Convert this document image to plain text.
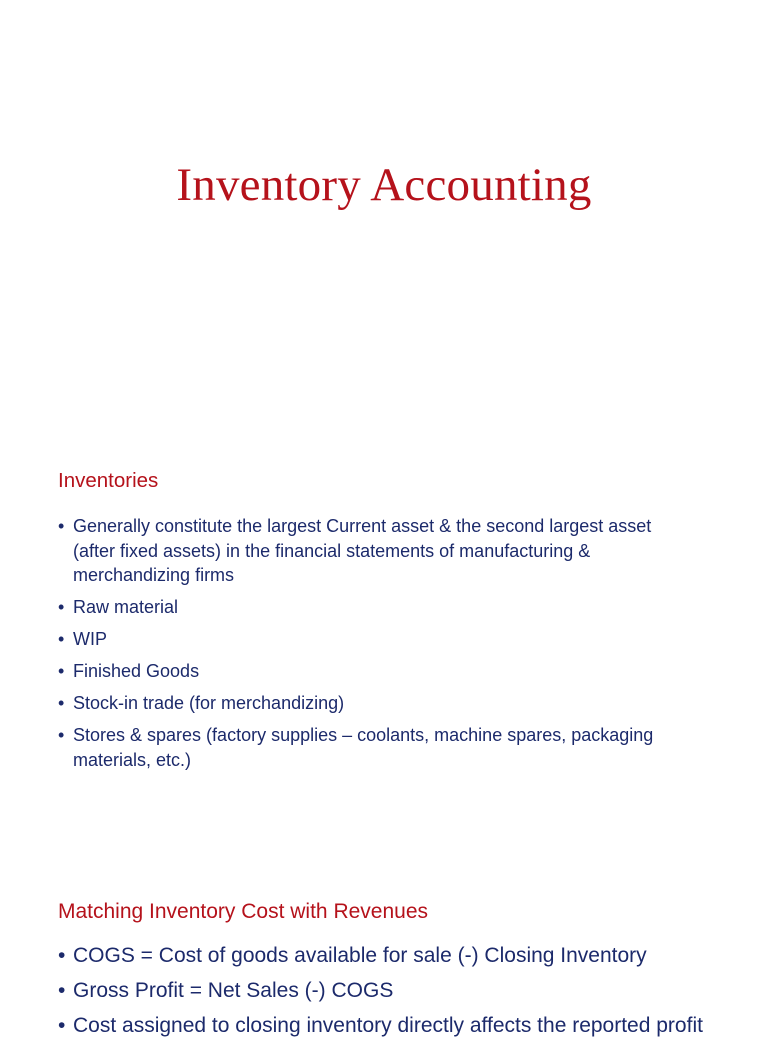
Inventory Accounting
Inventories
• Generally constitute the largest Current asset & the second largest asset (after fixed assets) in the financial statements of manufacturing & merchandizing firms
• Raw material
• WIP
• Finished Goods
• Stock-in trade (for merchandizing)
• Stores & spares (factory supplies – coolants, machine spares, packaging materials, etc.)
Matching Inventory Cost with Revenues
• COGS = Cost of goods available for sale (-) Closing Inventory
• Gross Profit = Net Sales (-) COGS
• Cost assigned to closing inventory directly affects the reported profit
